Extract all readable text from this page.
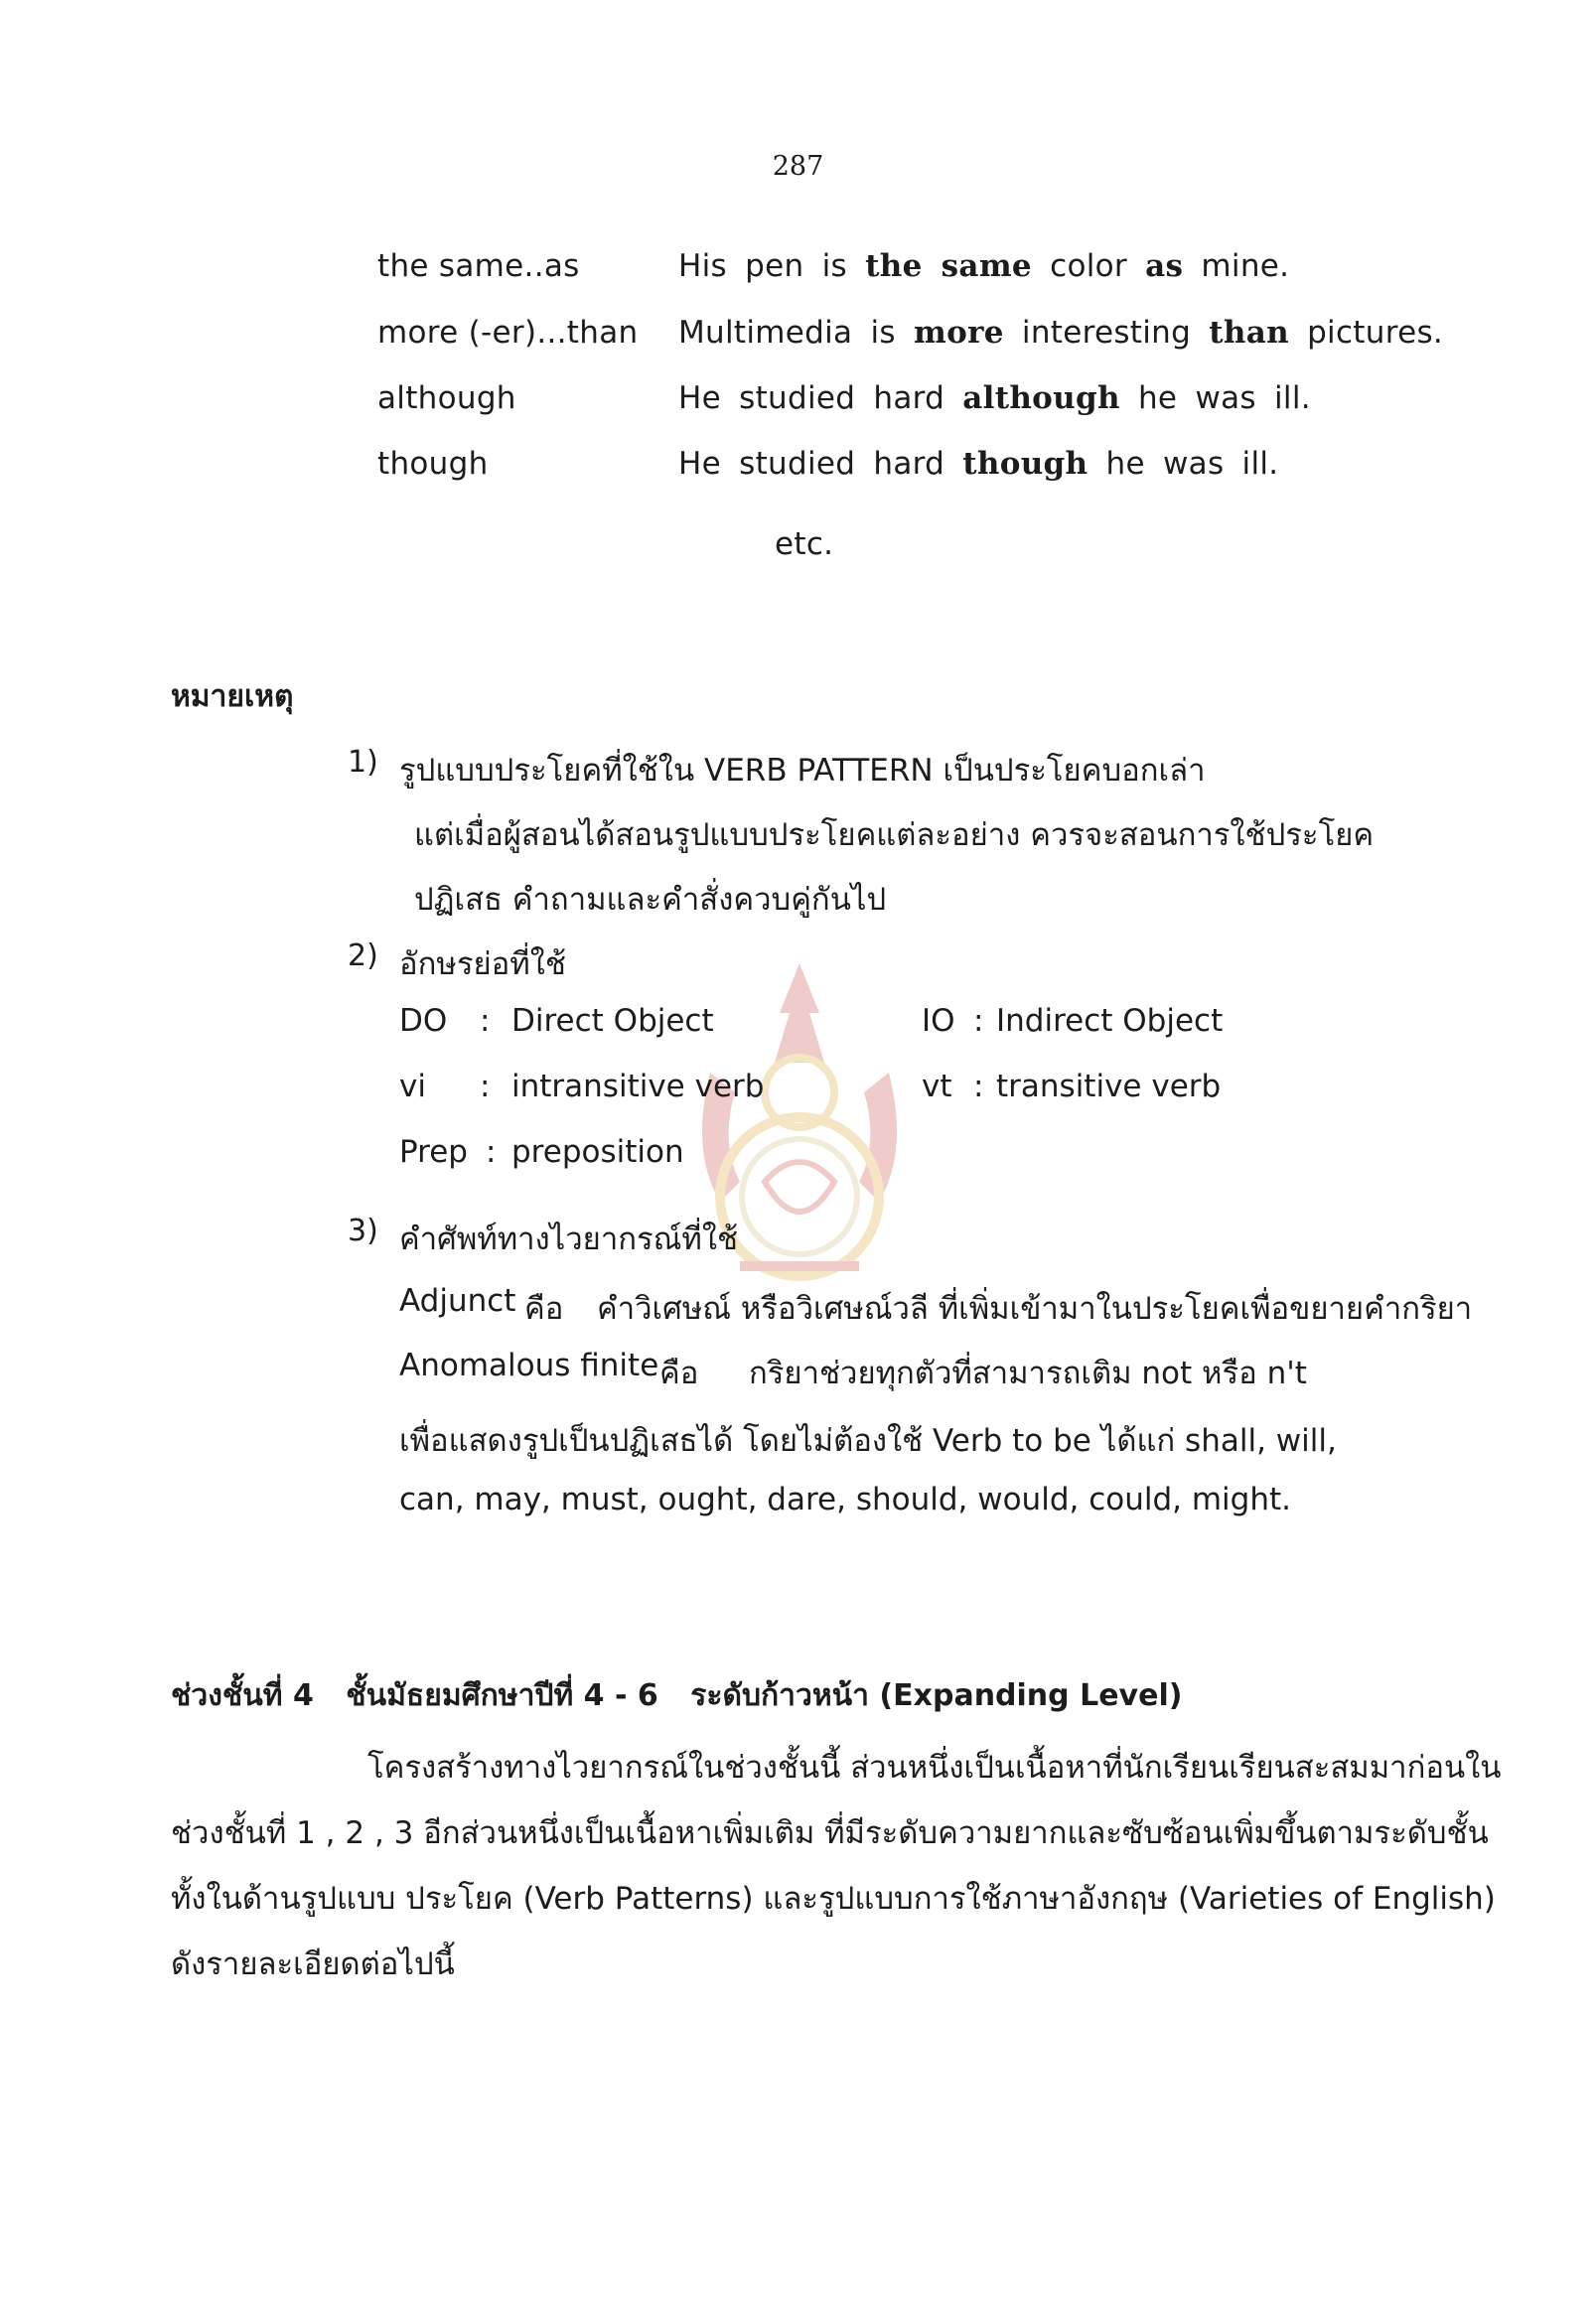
287
the same..as	His pen is the same color as mine.
more (-er)...than Multimedia is more interesting than pictures.
although	He studied hard although he was ill.
though	He studied hard though he was ill.
etc.
หมายเหตุ
1) รูปแบบประโยคที่ใช้ใน VERB PATTERN เป็นประโยคบอกเล่า
แต่เมื่อผู้สอนได้สอนรูปแบบประโยคแต่ละอย่าง ควรจะสอนการใช้ประโยค
ปฏิเสธ คำถามและคำสั่งควบคู่กันไป
2) อักษรย่อที่ใช้
DO : Direct Object	IO : Indirect Object
vi : intransitive verb	vt : transitive verb
Prep : preposition
3) คำศัพท์ทางไวยากรณ์ที่ใช้
Adjunct คือ คำวิเศษณ์ หรือวิเศษณ์วลี ที่เพิ่มเข้ามาในประโยคเพื่อขยายคำกริยา
Anomalous finite คือ กริยาช่วยทุกตัวที่สามารถเติม not หรือ n't
เพื่อแสดงรูปเป็นปฏิเสธได้ โดยไม่ต้องใช้ Verb to be ได้แก่ shall, will,
can, may, must, ought, dare, should, would, could, might.
ช่วงชั้นที่ 4 ชั้นมัธยมศึกษาปีที่ 4 - 6 ระดับก้าวหน้า (Expanding Level)
โครงสร้างทางไวยากรณ์ในช่วงชั้นนี้ ส่วนหนึ่งเป็นเนื้อหาที่นักเรียนเรียนสะสมมาก่อนใน
ช่วงชั้นที่ 1 , 2 , 3 อีกส่วนหนึ่งเป็นเนื้อหาเพิ่มเติม ที่มีระดับความยากและซับซ้อนเพิ่มขึ้นตามระดับชั้น
ทั้งในด้านรูปแบบ ประโยค (Verb Patterns) และรูปแบบการใช้ภาษาอังกฤษ (Varieties of English)
ดังรายละเอียดต่อไปนี้
